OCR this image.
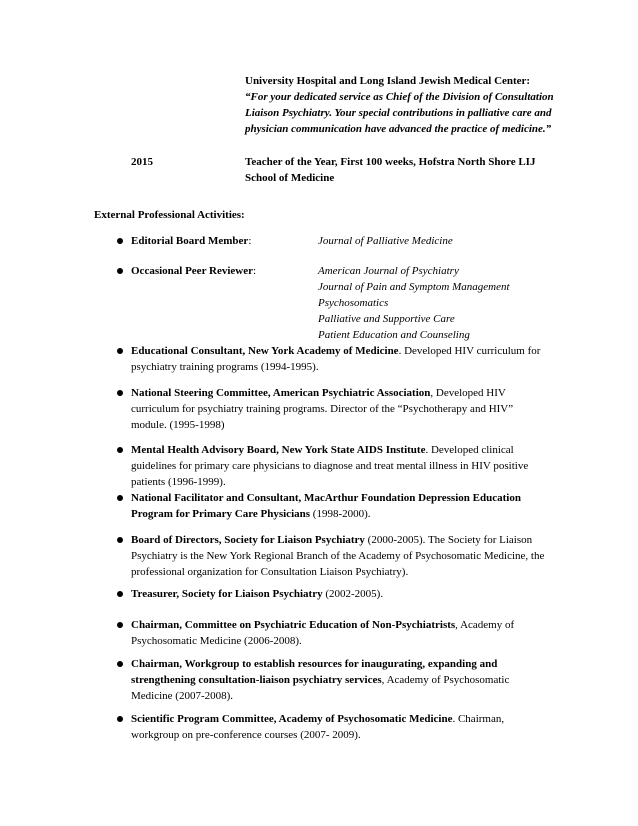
University Hospital and Long Island Jewish Medical Center:
“For your dedicated service as Chief of the Division of Consultation Liaison Psychiatry. Your special contributions in palliative care and physician communication have advanced the practice of medicine.”
2015	Teacher of the Year, First 100 weeks, Hofstra North Shore LIJ School of Medicine
External Professional Activities:
Editorial Board Member:	Journal of Palliative Medicine
Occasional Peer Reviewer:	American Journal of Psychiatry
Journal of Pain and Symptom Management
Psychosomatics
Palliative and Supportive Care
Patient Education and Counseling
Educational Consultant, New York Academy of Medicine. Developed HIV curriculum for psychiatry training programs (1994-1995).
National Steering Committee, American Psychiatric Association, Developed HIV curriculum for psychiatry training programs. Director of the “Psychotherapy and HIV” module. (1995-1998)
Mental Health Advisory Board, New York State AIDS Institute. Developed clinical guidelines for primary care physicians to diagnose and treat mental illness in HIV positive patients (1996-1999).
National Facilitator and Consultant, MacArthur Foundation Depression Education Program for Primary Care Physicians (1998-2000).
Board of Directors, Society for Liaison Psychiatry (2000-2005). The Society for Liaison Psychiatry is the New York Regional Branch of the Academy of Psychosomatic Medicine, the professional organization for Consultation Liaison Psychiatry).
Treasurer, Society for Liaison Psychiatry (2002-2005).
Chairman, Committee on Psychiatric Education of Non-Psychiatrists, Academy of Psychosomatic Medicine (2006-2008).
Chairman, Workgroup to establish resources for inaugurating, expanding and strengthening consultation-liaison psychiatry services, Academy of Psychosomatic Medicine (2007-2008).
Scientific Program Committee, Academy of Psychosomatic Medicine. Chairman, workgroup on pre-conference courses (2007- 2009).
